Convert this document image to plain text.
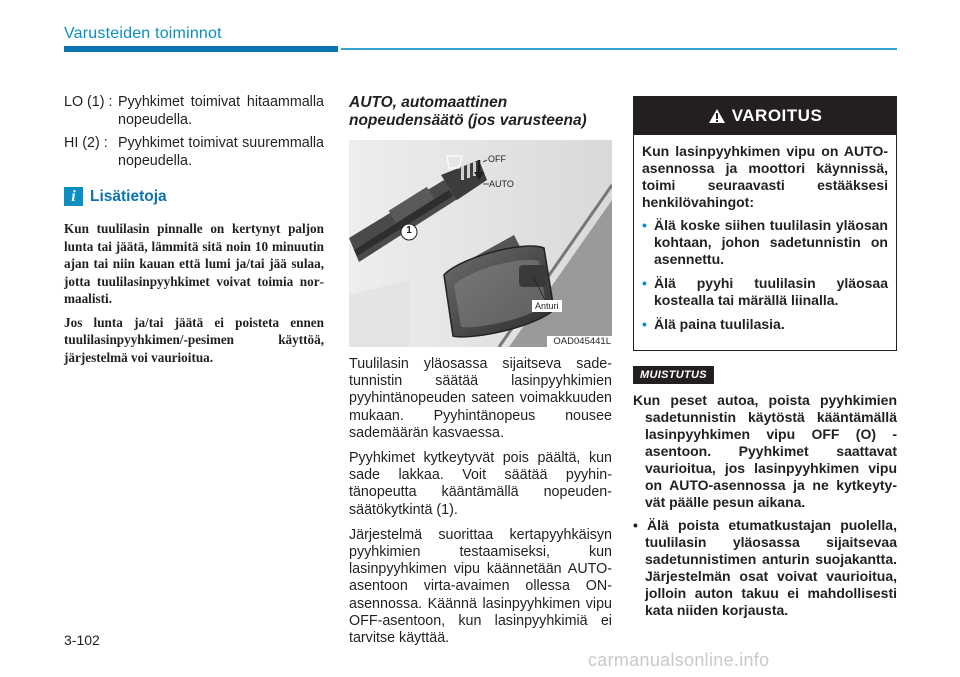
Varusteiden toiminnot
LO (1) : Pyyhkimet toimivat hitaammalla nopeudella.
HI (2) : Pyyhkimet toimivat suuremmalla nopeudella.
i Lisätietoja

Kun tuulilasin pinnalle on kertynyt paljon lunta tai jäätä, lämmitä sitä noin 10 minuutin ajan tai niin kauan että lumi ja/tai jää sulaa, jotta tuulilasinpyyhkimet voivat toimia normaalisti.

Jos lunta ja/tai jäätä ei poisteta ennen tuulilasinpyyhkimen/-pesimen käyttöä, järjestelmä voi vaurioitua.

AUTO, automaattinen
nopeudensäätö (jos varusteena)
OFF
AUTO
1
Anturi
OAD045441L

Tuulilasin yläosassa sijaitseva sadetunnistin säätää lasinpyyhkimien pyyhintänopeuden sateen voimakkuuden mukaan. Pyyhintänopeus nousee sademäärän kasvaessa.

Pyyhkimet kytkeytyvät pois päältä, kun sade lakkaa. Voit säätää pyyhintänopeutta kääntämällä nopeudensäätökytkintä (1).

Järjestelmä suorittaa kertapyyhkäisyn pyyhkimien testaamiseksi, kun lasinpyyhkimen vipu käännetään AUTO-asentoon virta-avaimen ollessa ON-asennossa. Käännä lasinpyyhkimen vipu OFF-asentoon, kun lasinpyyhkimiä ei tarvitse käyttää.

VAROITUS

Kun lasinpyyhkimen vipu on AUTO-asennossa ja moottori käynnissä, toimi seuraavasti estääksesi henkilövahingot:

• Älä koske siihen tuulilasin yläosan kohtaan, johon sadetunnistin on asennettu.
• Älä pyyhi tuulilasin yläosaa kostealla tai märällä liinalla.
• Älä paina tuulilasia.
MUISTUTUS

Kun peset autoa, poista pyyhkimien sadetunnistin käytöstä kääntämällä lasinpyyhkimen vipu OFF (O) -asentoon. Pyyhkimet saattavat vaurioitua, jos lasinpyyhkimen vipu on AUTO-asennossa ja ne kytkeytyvät päälle pesun aikana.

• Älä poista etumatkustajan puolella, tuulilasin yläosassa sijaitsevaa sadetunnistimen anturin suojakantta. Järjestelmän osat voivat vaurioitua, jolloin auton takuu ei mahdollisesti kata niiden korjausta.

3-102
carmanualsonline.info
